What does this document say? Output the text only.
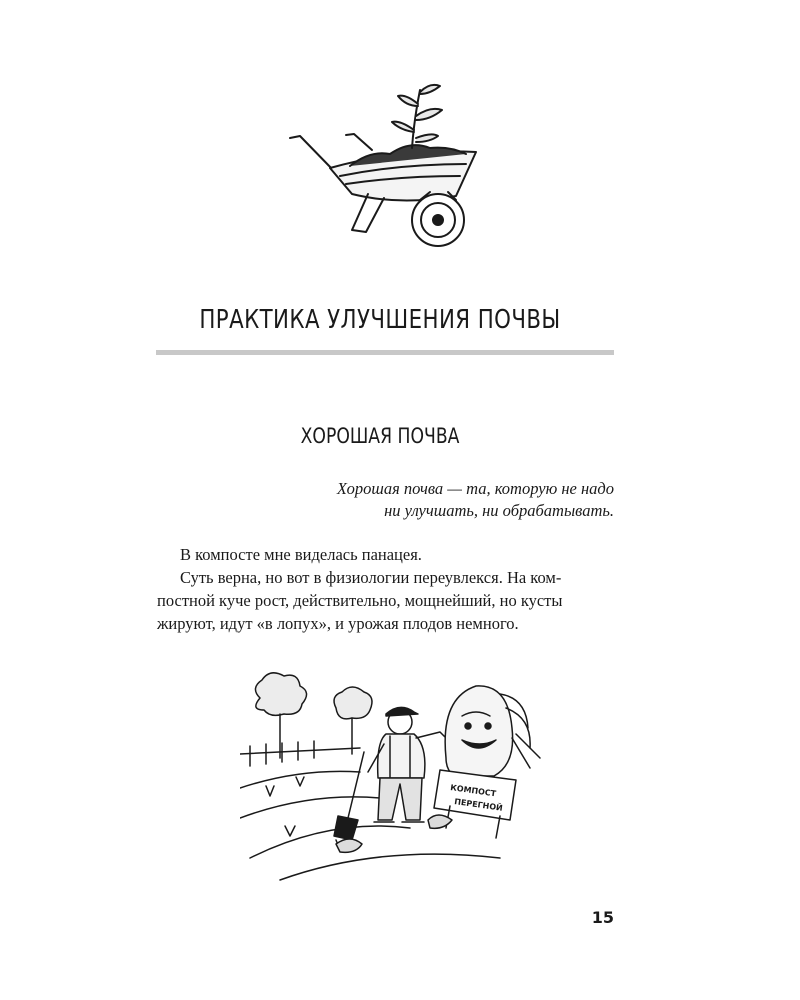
ПРАКТИКА УЛУЧШЕНИЯ ПОЧВЫ
ХОРОШАЯ ПОЧВА
Хорошая почва — та, которую не надо
ни улучшать, ни обрабатывать.
В компосте мне виделась панацея.
Суть верна, но вот в физиологии переувлекся. На ком-
постной куче рост, действительно, мощнейший, но кусты
жируют, идут «в лопух», и урожая плодов немного.
КОМПОСТ
ПЕРЕГНОЙ
15
